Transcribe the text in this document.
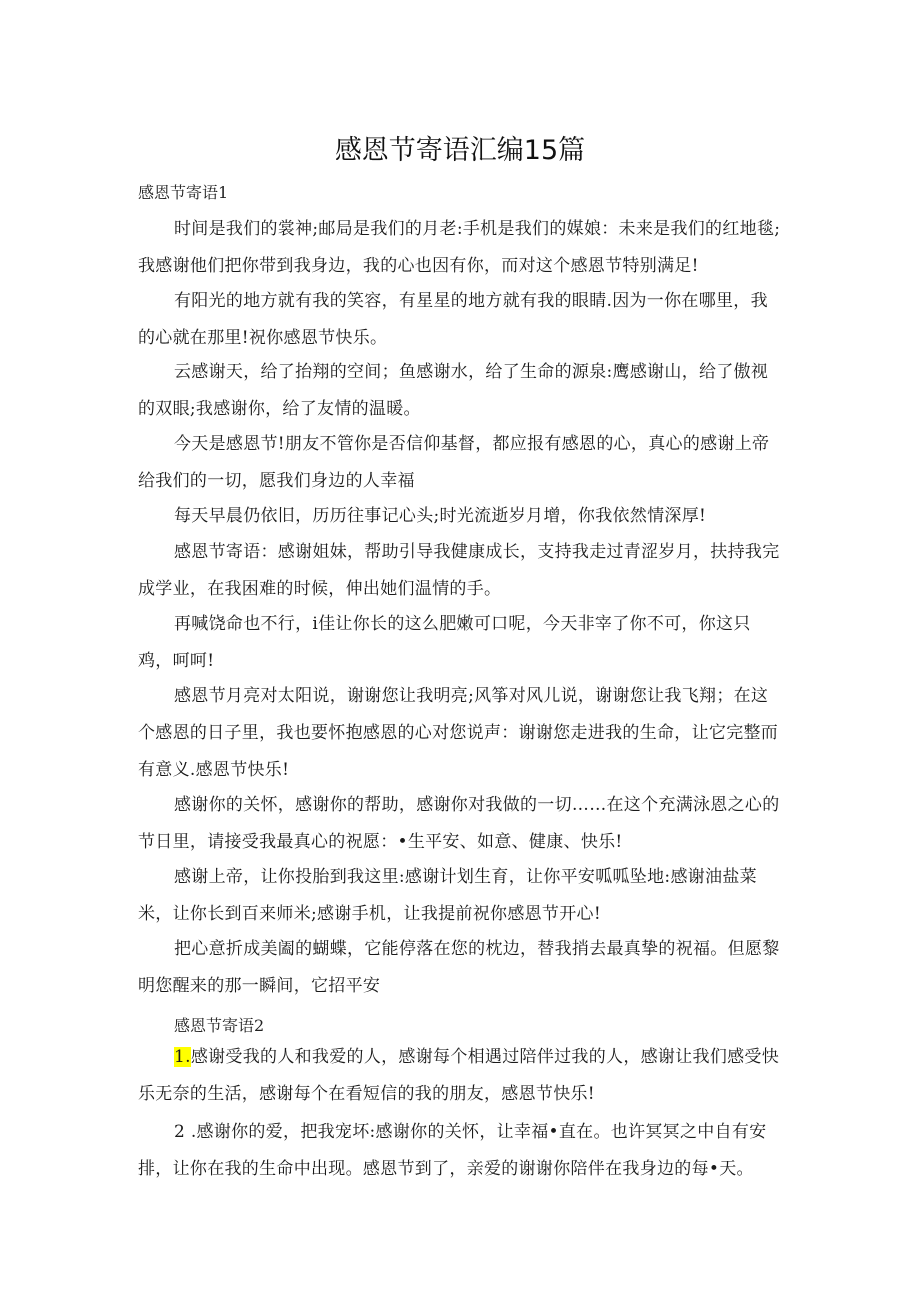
感恩节寄语汇编15篇

感恩节寄语1

时间是我们的裳神;邮局是我们的月老:手机是我们的媒娘：未来是我们的红地毯;我感谢他们把你带到我身边，我的心也因有你，而对这个感恩节特别满足!

有阳光的地方就有我的笑容，有星星的地方就有我的眼睛.因为一你在哪里，我的心就在那里!祝你感恩节快乐。

云感谢天，给了抬翔的空间；鱼感谢水，给了生命的源泉:鹰感谢山，给了傲视的双眼;我感谢你，给了友情的温暖。

今天是感恩节!朋友不管你是否信仰基督，都应报有感恩的心，真心的感谢上帝给我们的一切，愿我们身边的人幸福

每天早晨仍依旧，历历往事记心头;时光流逝岁月增，你我依然情深厚!

感恩节寄语：感谢姐妹，帮助引导我健康成长，支持我走过青涩岁月，扶持我完成学业，在我困难的时候，伸出她们温情的手。

再喊饶命也不行，i佳让你长的这么肥嫩可口呢，今天非宰了你不可，你这只鸡，呵呵!

感恩节月亮对太阳说，谢谢您让我明亮;风筝对风儿说，谢谢您让我飞翔；在这个感恩的日子里，我也要怀抱感恩的心对您说声：谢谢您走进我的生命，让它完整而有意义.感恩节快乐!

感谢你的关怀，感谢你的帮助，感谢你对我做的一切……在这个充满泳恩之心的节日里，请接受我最真心的祝愿：•生平安、如意、健康、快乐!

感谢上帝，让你投胎到我这里:感谢计划生育，让你平安呱呱坠地:感谢油盐菜米，让你长到百来师米;感谢手机，让我提前祝你感恩节开心!

把心意折成美阖的蝴蝶，它能停落在您的枕边，替我捎去最真挚的祝福。但愿黎明您醒来的那一瞬间，它招平安

感恩节寄语2

1.感谢受我的人和我爱的人，感谢每个相遇过陪伴过我的人，感谢让我们感受快乐无奈的生活，感谢每个在看短信的我的朋友，感恩节快乐!

2 .感谢你的爱，把我宠坏:感谢你的关怀，让幸福•直在。也许冥冥之中自有安排，让你在我的生命中出现。感恩节到了，亲爱的谢谢你陪伴在我身边的每•天。
